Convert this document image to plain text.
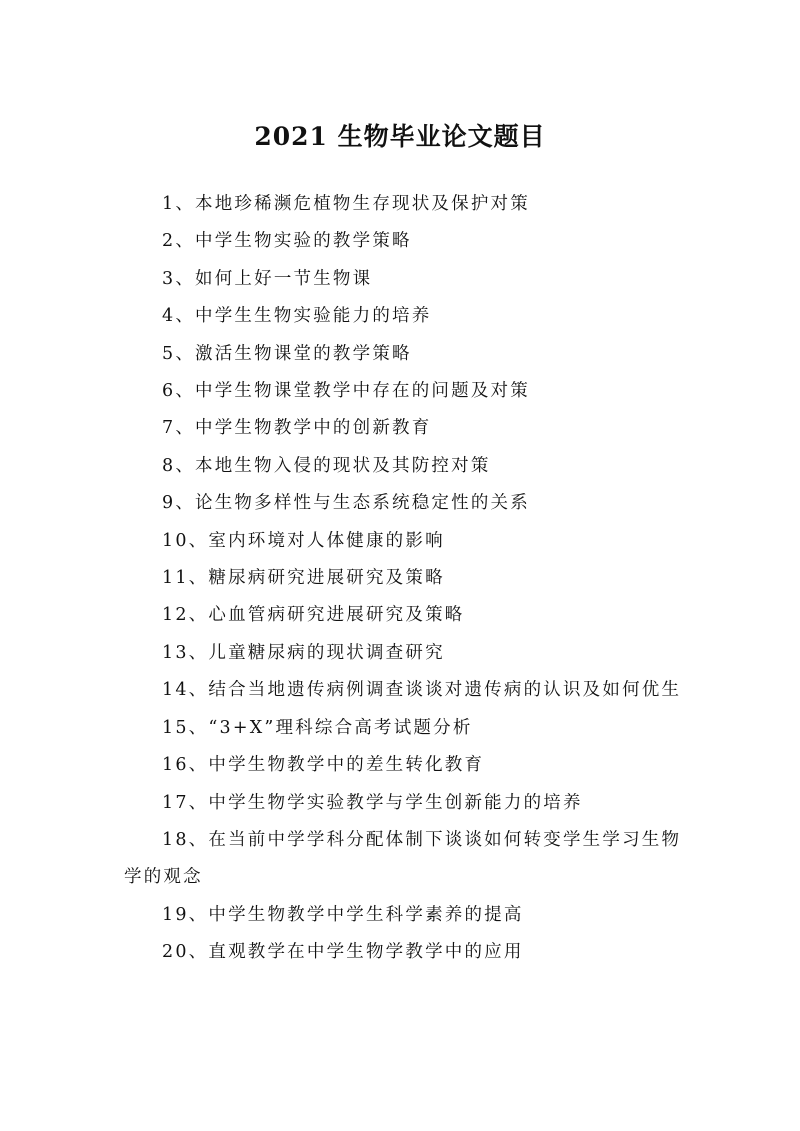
2021 生物毕业论文题目
1、本地珍稀濒危植物生存现状及保护对策
2、中学生物实验的教学策略
3、如何上好一节生物课
4、中学生生物实验能力的培养
5、激活生物课堂的教学策略
6、中学生物课堂教学中存在的问题及对策
7、中学生物教学中的创新教育
8、本地生物入侵的现状及其防控对策
9、论生物多样性与生态系统稳定性的关系
10、室内环境对人体健康的影响
11、糖尿病研究进展研究及策略
12、心血管病研究进展研究及策略
13、儿童糖尿病的现状调查研究
14、结合当地遗传病例调查谈谈对遗传病的认识及如何优生
15、“3+X”理科综合高考试题分析
16、中学生物教学中的差生转化教育
17、中学生物学实验教学与学生创新能力的培养
18、在当前中学学科分配体制下谈谈如何转变学生学习生物学的观念
19、中学生物教学中学生科学素养的提高
20、直观教学在中学生物学教学中的应用
